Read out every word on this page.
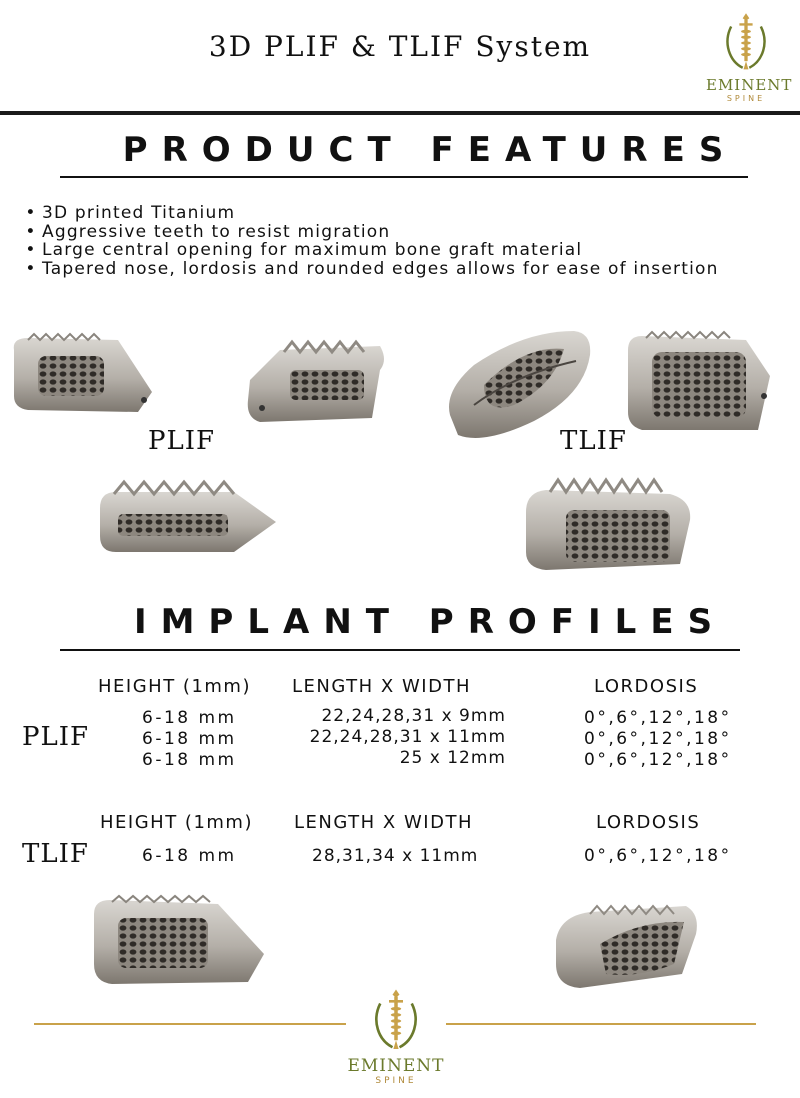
3D PLIF & TLIF System
EMINENT
SPINE
PRODUCT FEATURES
• 3D printed Titanium
• Aggressive teeth to resist migration
• Large central opening for maximum bone graft material
• Tapered nose, lordosis and rounded edges allows for ease of insertion
PLIF	TLIF
IMPLANT PROFILES
HEIGHT (1mm) LENGTH X WIDTH	LORDOSIS
PLIF
6-18 mm	22,24,28,31 x 9mm	0°,6°,12°,18°
6-18 mm	22,24,28,31 x 11mm	0°,6°,12°,18°
6-18 mm	25 x 12mm	0°,6°,12°,18°
HEIGHT (1mm) LENGTH X WIDTH	LORDOSIS
TLIF	6-18 mm	28,31,34 x 11mm	0°,6°,12°,18°
EMINENT
SPINE
